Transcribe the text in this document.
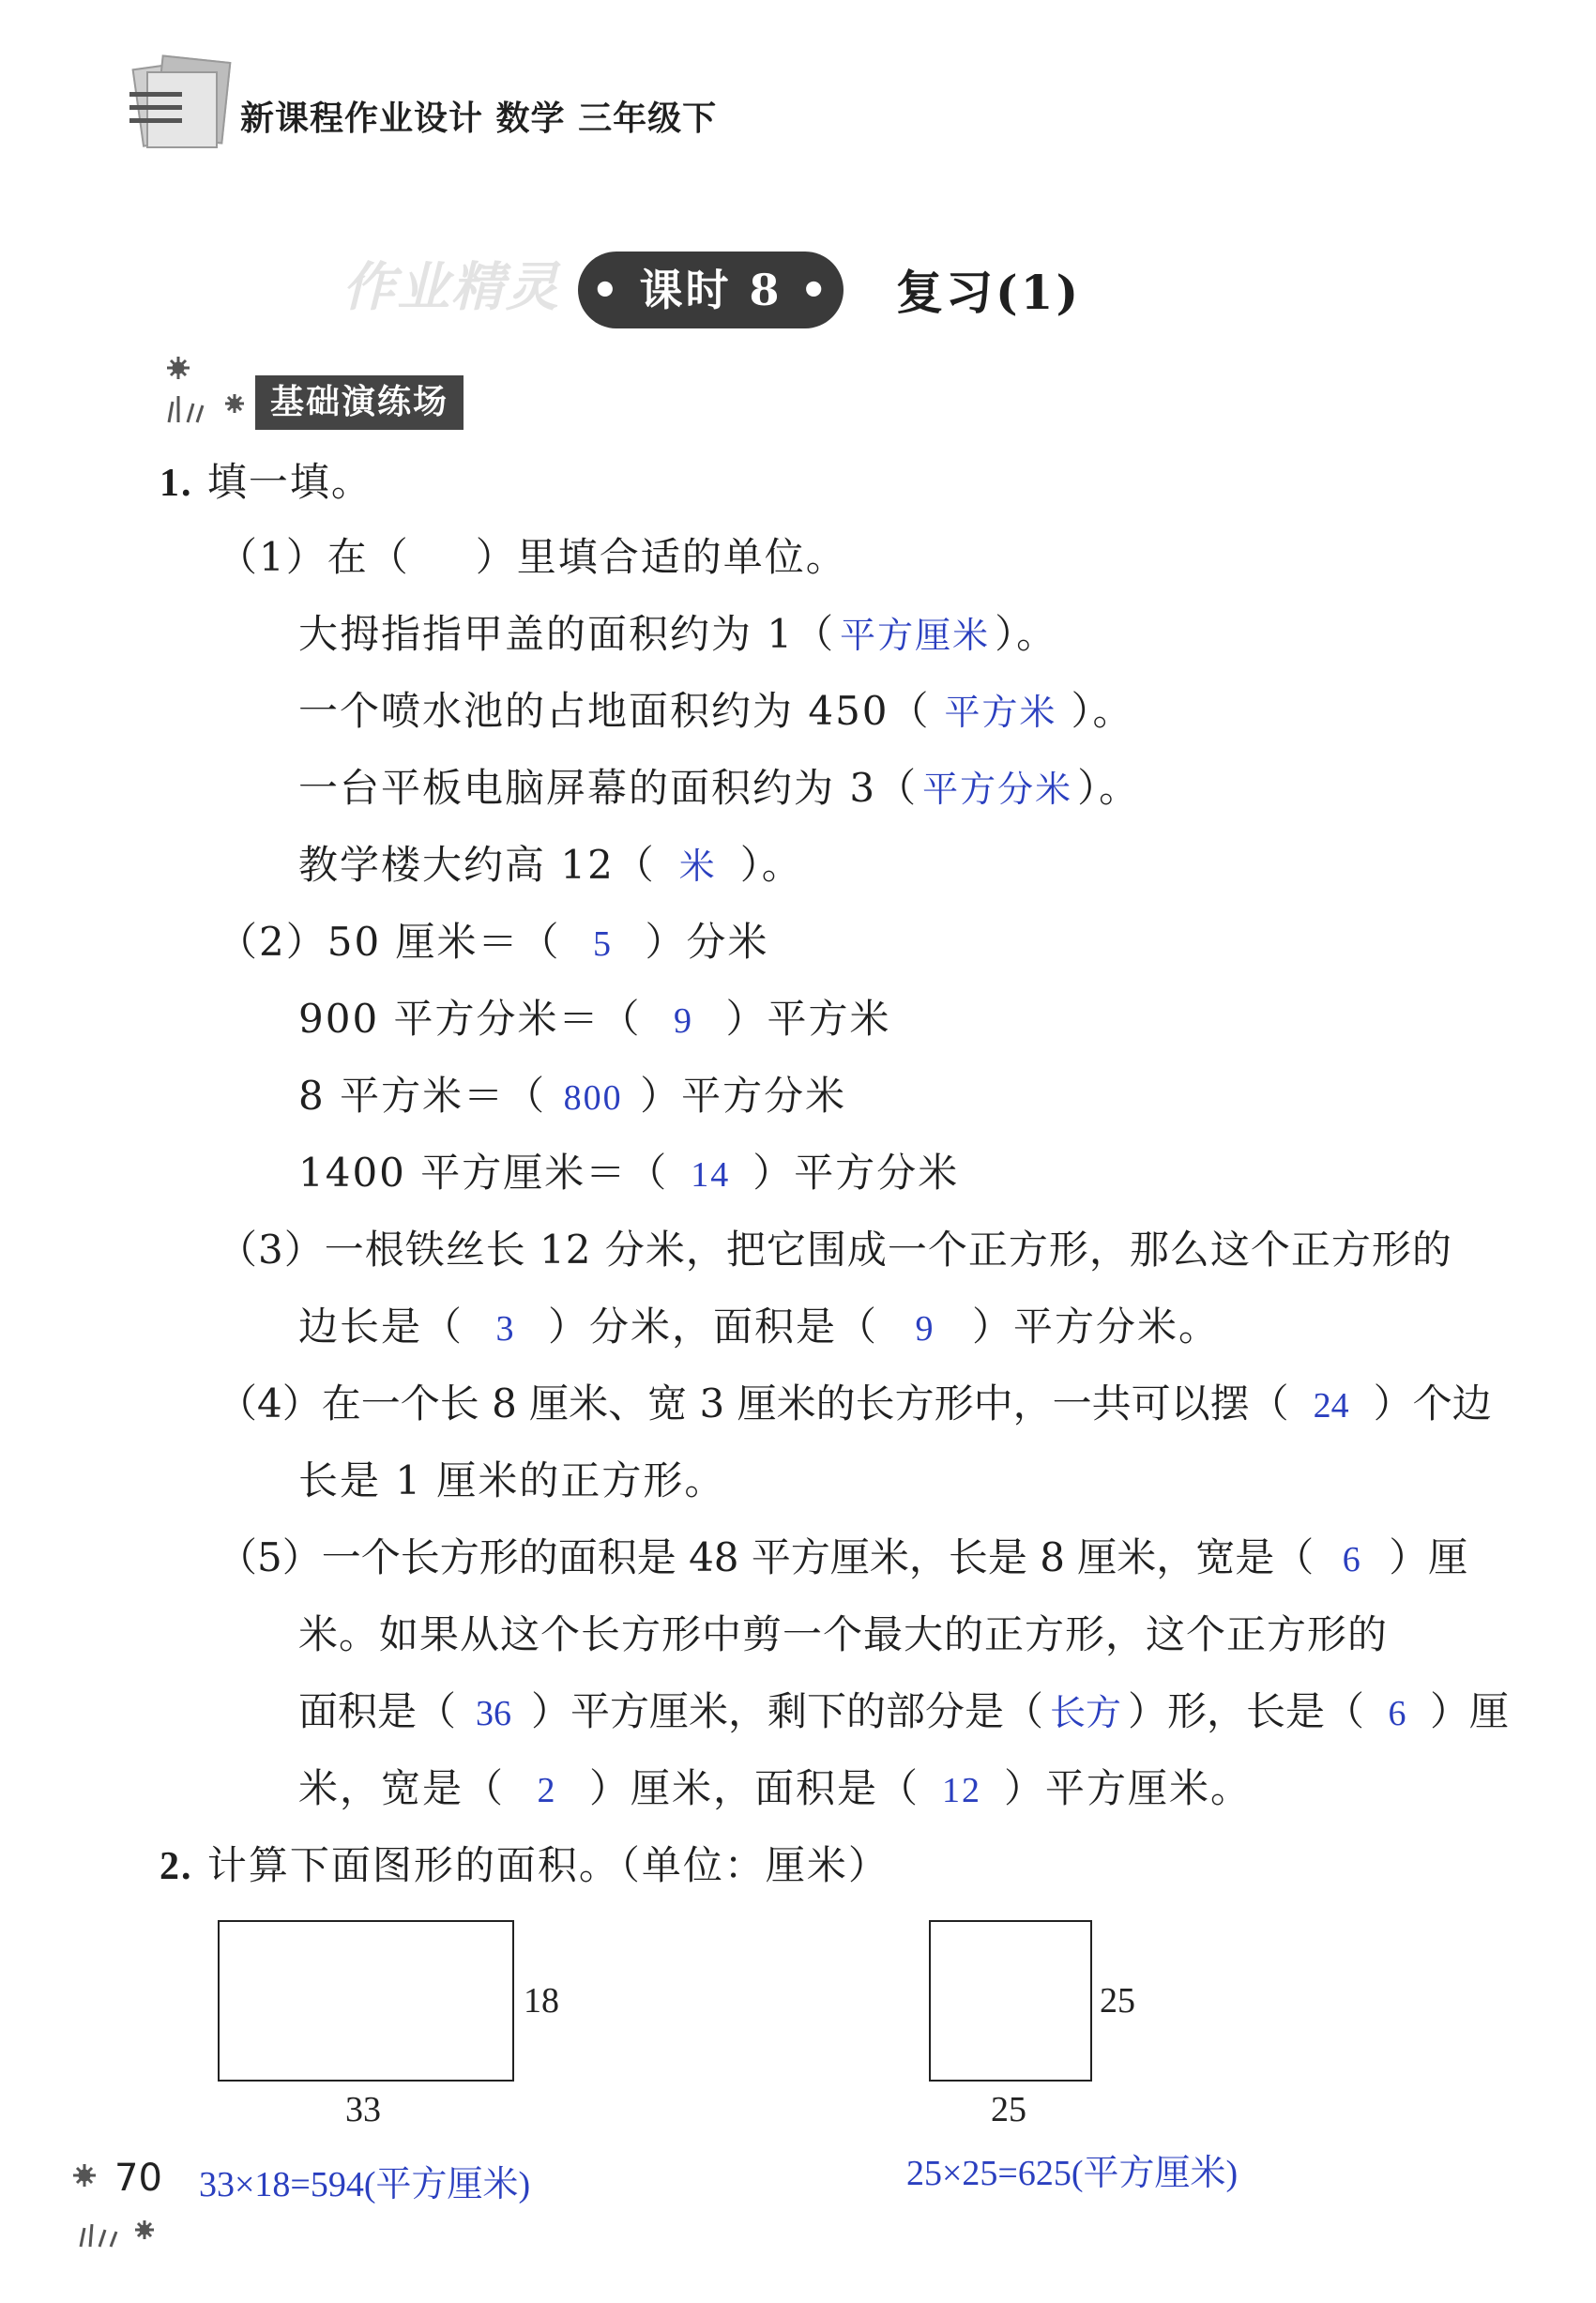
新课程作业设计 数学 三年级下
作业精灵 • 课时 8 • 复习(1)
基础演练场
1. 填一填。
（1）在（ ）里填合适的单位。
大拇指指甲盖的面积约为 1（ 平方厘米 ）。
一个喷水池的占地面积约为 450（ 平方米 ）。
一台平板电脑屏幕的面积约为 3（ 平方分米 ）。
教学楼大约高 12（ 米 ）。
（2）50 厘米＝（ 5 ）分米
900 平方分米＝（ 9 ）平方米
8 平方米＝（ 800 ）平方分米
1400 平方厘米＝（ 14 ）平方分米
（3）一根铁丝长 12 分米，把它围成一个正方形，那么这个正方形的
边长是（ 3 ）分米，面积是（ 9 ）平方分米。
（4）在一个长 8 厘米、宽 3 厘米的长方形中，一共可以摆（ 24 ）个边
长是 1 厘米的正方形。
（5）一个长方形的面积是 48 平方厘米，长是 8 厘米，宽是（ 6 ）厘
米。如果从这个长方形中剪一个最大的正方形，这个正方形的
面积是（ 36 ）平方厘米，剩下的部分是（ 长方 ）形，长是（ 6 ）厘
米，宽是（ 2 ）厘米，面积是（ 12 ）平方厘米。
2. 计算下面图形的面积。（单位：厘米）
18
33
33×18=594(平方厘米)
25
25
25×25=625(平方厘米)
70
